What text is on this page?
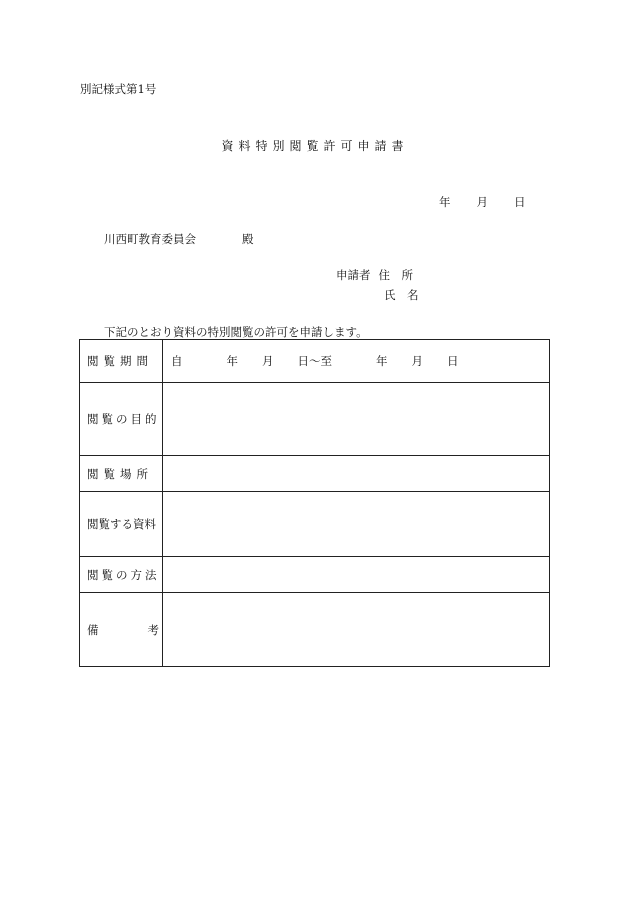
別記様式第1号
資料特別閲覧許可申請書
年 月 日
川西町教育委員会	殿
申請者 住　所
氏　名
下記のとおり資料の特別閲覧の許可を申請します。
閲覧期間	自 年 月 日～至 年 月 日
閲覧の目的	
閲覧場所	
閲覧する資料	
閲覧の方法	

備 考	
